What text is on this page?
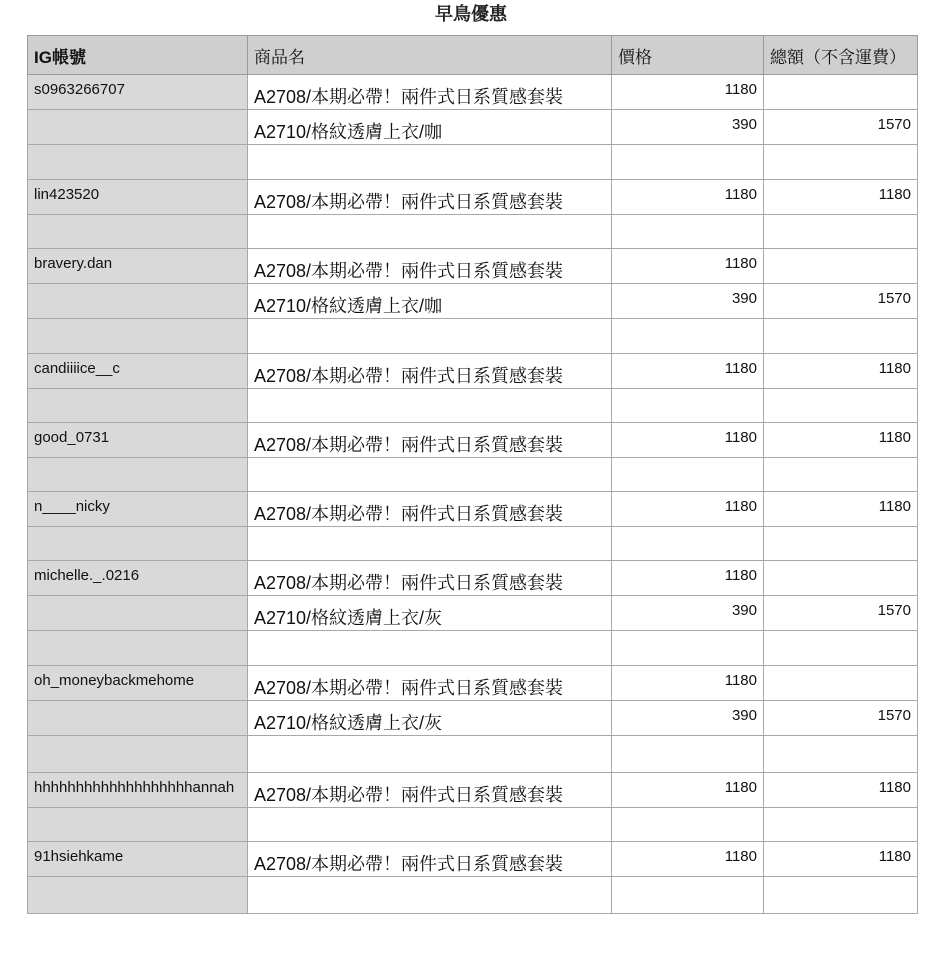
早鳥優惠
IG帳號	商品名	價格	總額（不含運費）
s0963266707	A2708/本期必帶！兩件式日系質感套裝	1180	
	A2710/格紋透膚上衣/咖	390	1570

lin423520	A2708/本期必帶！兩件式日系質感套裝	1180	1180

bravery.dan	A2708/本期必帶！兩件式日系質感套裝	1180	
	A2710/格紋透膚上衣/咖	390	1570

candiiiice__c	A2708/本期必帶！兩件式日系質感套裝	1180	1180

good_0731	A2708/本期必帶！兩件式日系質感套裝	1180	1180

n____nicky	A2708/本期必帶！兩件式日系質感套裝	1180	1180

michelle._.0216	A2708/本期必帶！兩件式日系質感套裝	1180	
	A2710/格紋透膚上衣/灰	390	1570

oh_moneybackmehome	A2708/本期必帶！兩件式日系質感套裝	1180	
	A2710/格紋透膚上衣/灰	390	1570

hhhhhhhhhhhhhhhhhhhannah	A2708/本期必帶！兩件式日系質感套裝	1180	1180

91hsiehkame	A2708/本期必帶！兩件式日系質感套裝	1180	1180
